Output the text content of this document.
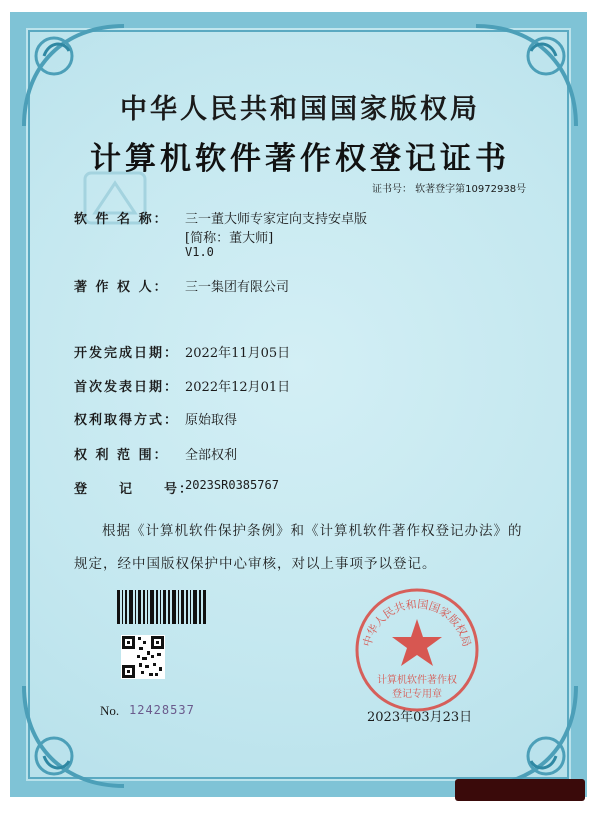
中华人民共和国国家版权局
计算机软件著作权登记证书
证书号： 软著登字第10972938号
软 件 名 称： 三一董大师专家定向支持安卓版
[简称：董大师]
V1.0
著 作 权 人： 三一集团有限公司
开发完成日期： 2022年11月05日
首次发表日期： 2022年12月01日
权利取得方式： 原始取得
权 利 范 围： 全部权利
登　　记　　号：
2023SR0385767
根据《计算机软件保护条例》和《计算机软件著作权登记办法》的
规定，经中国版权保护中心审核，对以上事项予以登记。
No. 12428537
中华人民共和国国家版权局
计算机软件著作权
登记专用章
2023年03月23日
